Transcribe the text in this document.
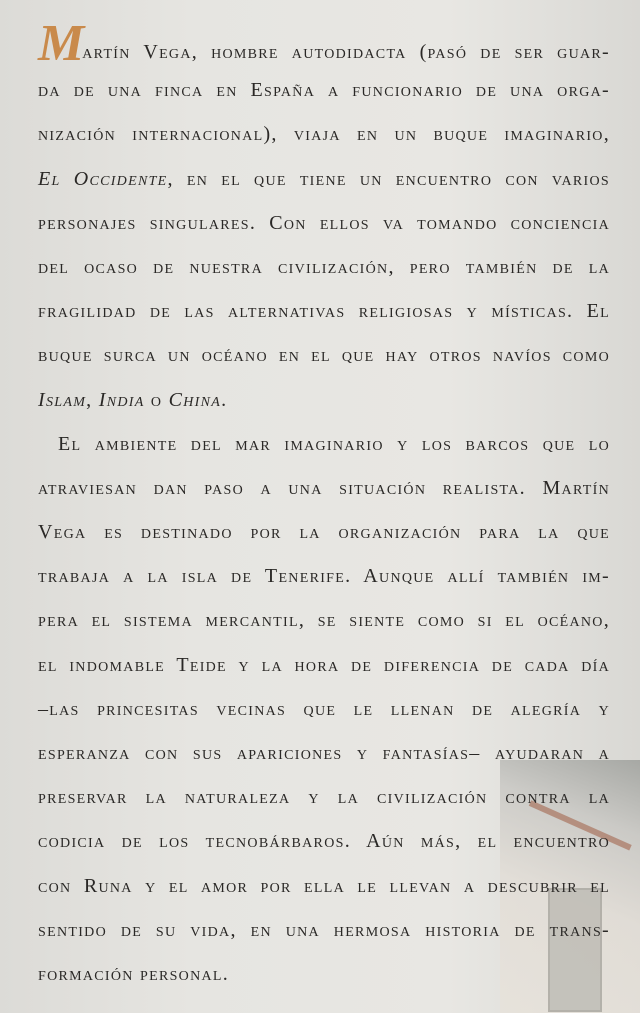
Martín Vega, hombre autodidacta (pasó de ser guar-
da de una finca en España a funcionario de una orga-
nización internacional), viaja en un buque imaginario,
El Occidente, en el que tiene un encuentro con varios
personajes singulares. Con ellos va tomando conciencia
del ocaso de nuestra civilización, pero también de la
fragilidad de las alternativas religiosas y místicas. El
buque surca un océano en el que hay otros navíos como
Islam, India o China.
El ambiente del mar imaginario y los barcos que lo
atraviesan dan paso a una situación realista. Martín
Vega es destinado por la organización para la que
trabaja a la isla de Tenerife. Aunque allí también im-
pera el sistema mercantil, se siente como si el océano,
el indomable Teide y la hora de diferencia de cada día
–las princesitas vecinas que le llenan de alegría y
esperanza con sus apariciones y fantasías– ayudaran a
preservar la naturaleza y la civilización contra la
codicia de los tecnobárbaros. Aún más, el encuentro
con Runa y el amor por ella le llevan a descubrir el
sentido de su vida, en una hermosa historia de trans-
formación personal.
